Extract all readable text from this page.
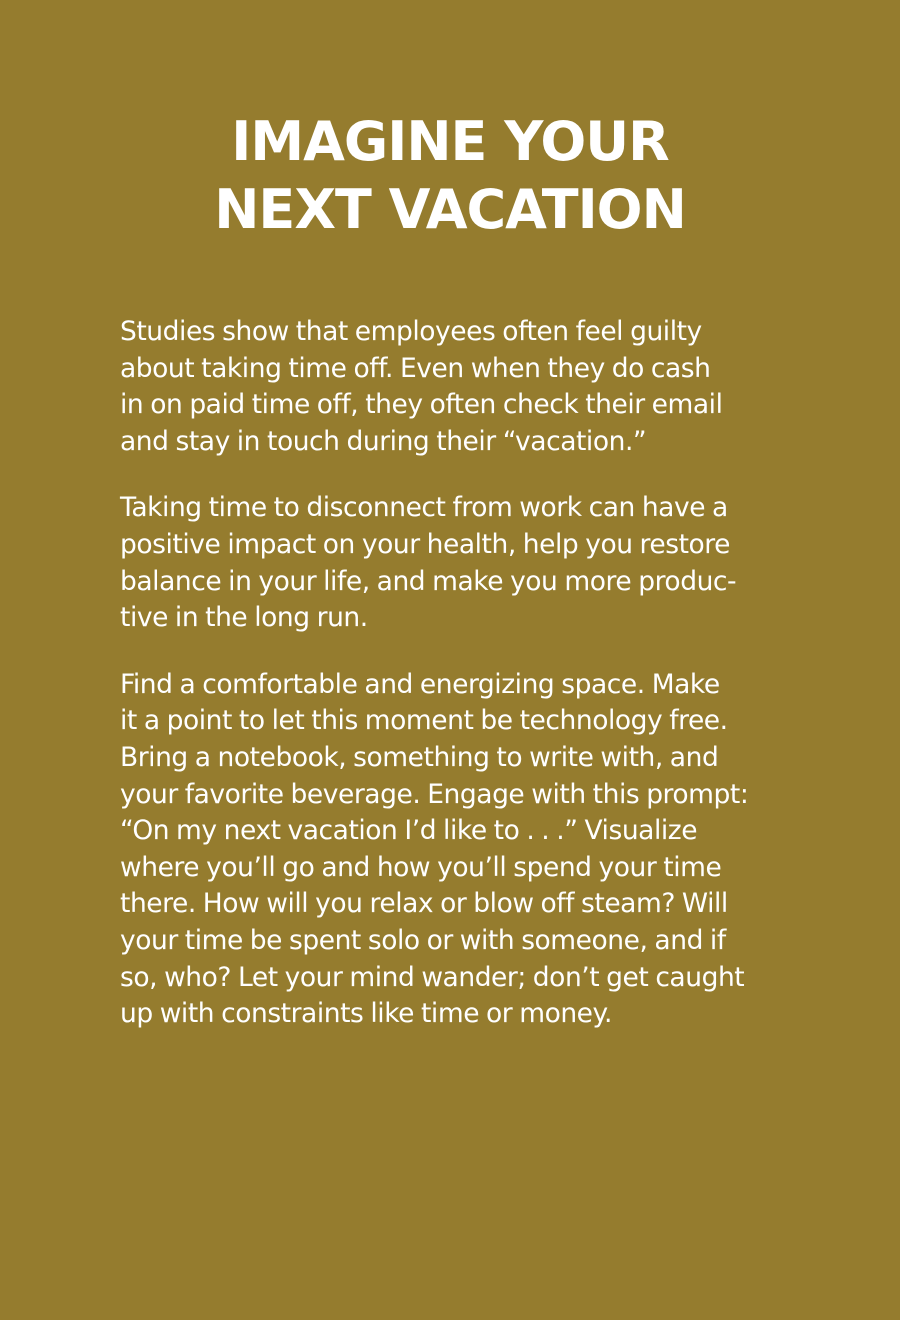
IMAGINE YOUR
NEXT VACATION

Studies show that employees often feel guilty
about taking time off. Even when they do cash
in on paid time off, they often check their email
and stay in touch during their “vacation.”

Taking time to disconnect from work can have a
positive impact on your health, help you restore
balance in your life, and make you more produc-
tive in the long run.

Find a comfortable and energizing space. Make
it a point to let this moment be technology free.
Bring a notebook, something to write with, and
your favorite beverage. Engage with this prompt:
“On my next vacation I’d like to . . .” Visualize
where you’ll go and how you’ll spend your time
there. How will you relax or blow off steam? Will
your time be spent solo or with someone, and if
so, who? Let your mind wander; don’t get caught
up with constraints like time or money.
